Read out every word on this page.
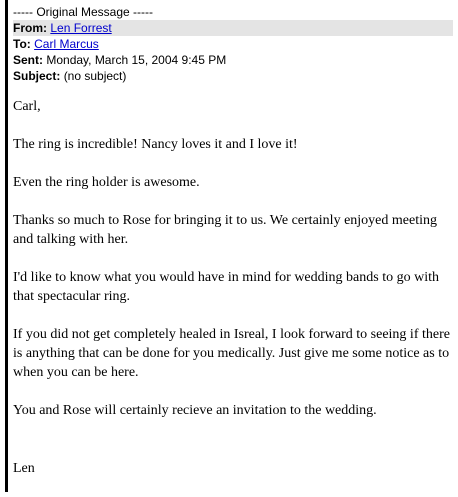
----- Original Message -----
From: Len Forrest
To: Carl Marcus
Sent: Monday, March 15, 2004 9:45 PM
Subject: (no subject)

Carl,

The ring is incredible! Nancy loves it and I love it!

Even the ring holder is awesome.

Thanks so much to Rose for bringing it to us. We certainly enjoyed meeting and talking with her.

I'd like to know what you would have in mind for wedding bands to go with that spectacular ring.

If you did not get completely healed in Isreal, I look forward to seeing if there is anything that can be done for you medically. Just give me some notice as to when you can be here.

You and Rose will certainly recieve an invitation to the wedding.

Len
